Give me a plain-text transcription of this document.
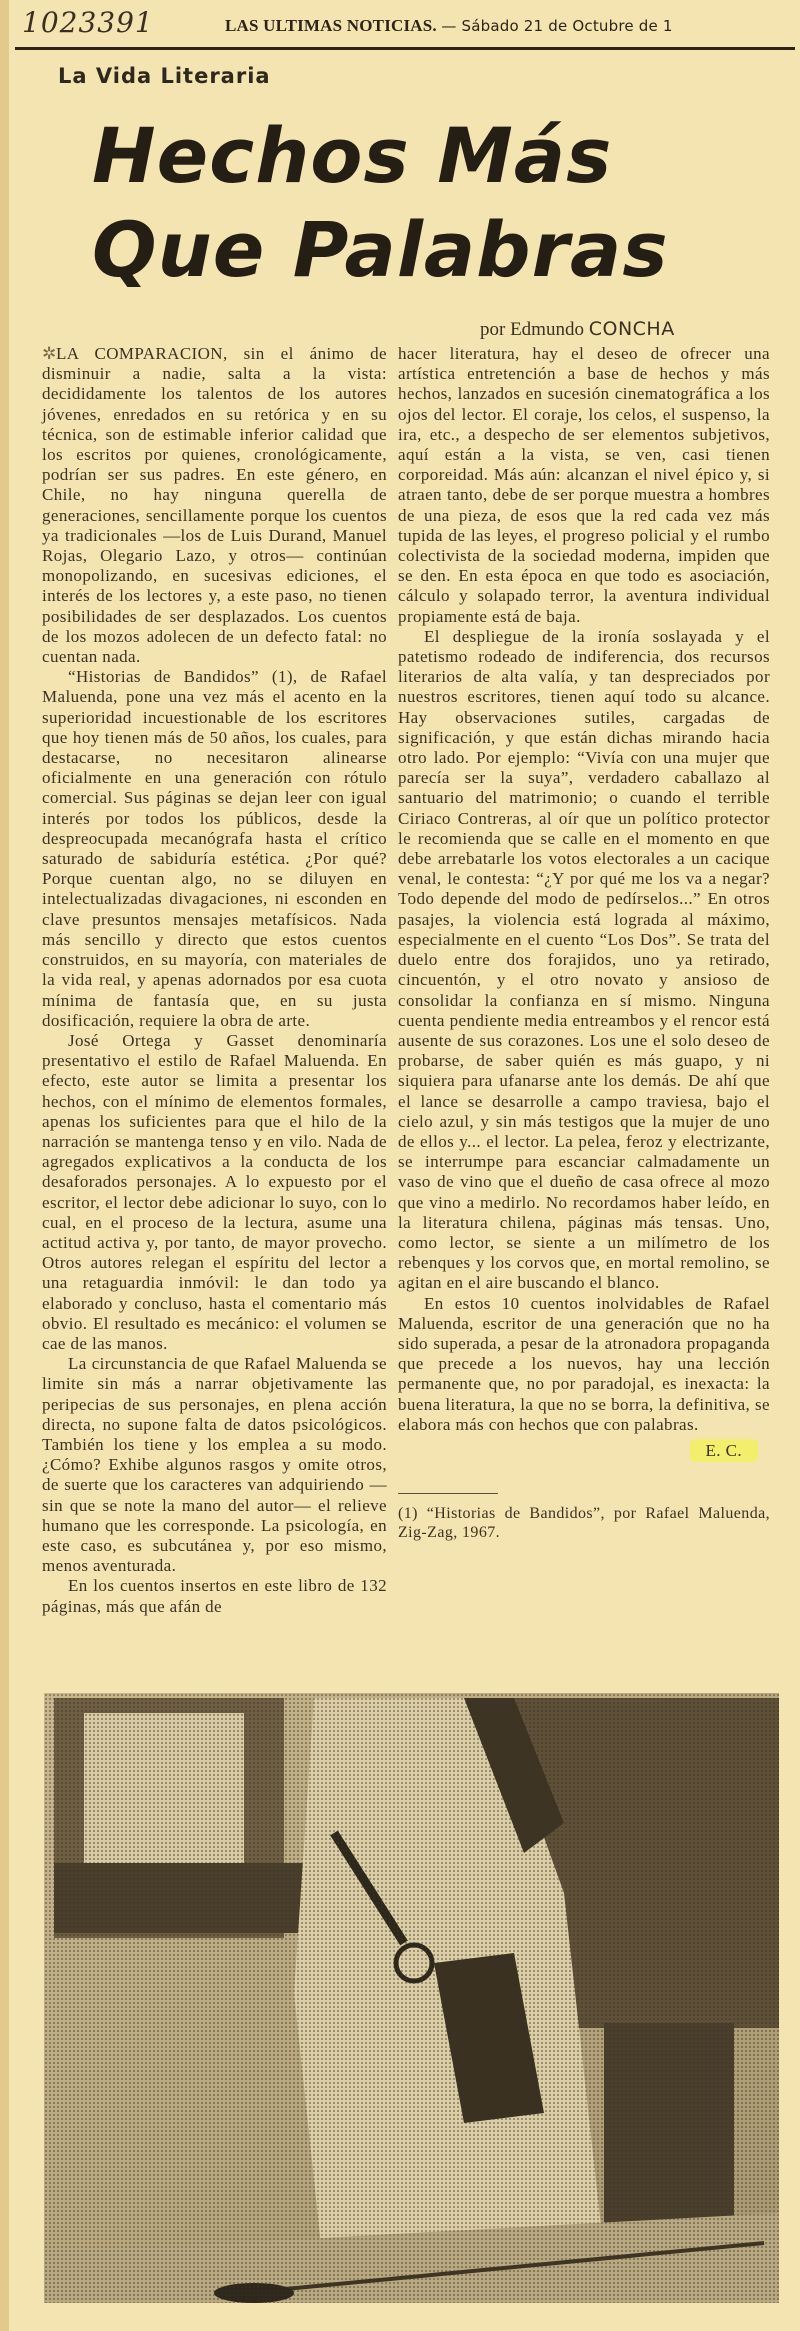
1023391	LAS ULTIMAS NOTICIAS. — Sábado 21 de Octubre de 1
La Vida Literaria
Hechos Más
Que Palabras
por Edmundo CONCHA

✲LA COMPARACION, sin el ánimo de disminuir a nadie, salta a la vista: decididamente los talentos de los autores jóvenes, enredados en su retórica y en su técnica, son de estimable inferior calidad que los escritos por quienes, cronológicamente, podrían ser sus padres. En este género, en Chile, no hay ninguna querella de generaciones, sencillamente porque los cuentos ya tradicionales —los de Luis Durand, Manuel Rojas, Olegario Lazo, y otros— continúan monopolizando, en sucesivas ediciones, el interés de los lectores y, a este paso, no tienen posibilidades de ser desplazados. Los cuentos de los mozos adolecen de un defecto fatal: no cuentan nada.

“Historias de Bandidos” (1), de Rafael Maluenda, pone una vez más el acento en la superioridad incuestionable de los escritores que hoy tienen más de 50 años, los cuales, para destacarse, no necesitaron alinearse oficialmente en una generación con rótulo comercial. Sus páginas se dejan leer con igual interés por todos los públicos, desde la despreocupada mecanógrafa hasta el crítico saturado de sabiduría estética. ¿Por qué? Porque cuentan algo, no se diluyen en intelectualizadas divagaciones, ni esconden en clave presuntos mensajes metafísicos. Nada más sencillo y directo que estos cuentos construidos, en su mayoría, con materiales de la vida real, y apenas adornados por esa cuota mínima de fantasía que, en su justa dosificación, requiere la obra de arte.

José Ortega y Gasset denominaría presentativo el estilo de Rafael Maluenda. En efecto, este autor se limita a presentar los hechos, con el mínimo de elementos formales, apenas los suficientes para que el hilo de la narración se mantenga tenso y en vilo. Nada de agregados explicativos a la conducta de los desaforados personajes. A lo expuesto por el escritor, el lector debe adicionar lo suyo, con lo cual, en el proceso de la lectura, asume una actitud activa y, por tanto, de mayor provecho. Otros autores relegan el espíritu del lector a una retaguardia inmóvil: le dan todo ya elaborado y concluso, hasta el comentario más obvio. El resultado es mecánico: el volumen se cae de las manos.

La circunstancia de que Rafael Maluenda se limite sin más a narrar objetivamente las peripecias de sus personajes, en plena acción directa, no supone falta de datos psicológicos. También los tiene y los emplea a su modo. ¿Cómo? Exhibe algunos rasgos y omite otros, de suerte que los caracteres van adquiriendo —sin que se note la mano del autor— el relieve humano que les corresponde. La psicología, en este caso, es subcutánea y, por eso mismo, menos aventurada.

En los cuentos insertos en este libro de 132 páginas, más que afán de

hacer literatura, hay el deseo de ofrecer una artística entretención a base de hechos y más hechos, lanzados en sucesión cinematográfica a los ojos del lector. El coraje, los celos, el suspenso, la ira, etc., a despecho de ser elementos subjetivos, aquí están a la vista, se ven, casi tienen corporeidad. Más aún: alcanzan el nivel épico y, si atraen tanto, debe de ser porque muestra a hombres de una pieza, de esos que la red cada vez más tupida de las leyes, el progreso policial y el rumbo colectivista de la sociedad moderna, impiden que se den. En esta época en que todo es asociación, cálculo y solapado terror, la aventura individual propiamente está de baja.

El despliegue de la ironía soslayada y el patetismo rodeado de indiferencia, dos recursos literarios de alta valía, y tan despreciados por nuestros escritores, tienen aquí todo su alcance. Hay observaciones sutiles, cargadas de significación, y que están dichas mirando hacia otro lado. Por ejemplo: “Vivía con una mujer que parecía ser la suya”, verdadero caballazo al santuario del matrimonio; o cuando el terrible Ciriaco Contreras, al oír que un político protector le recomienda que se calle en el momento en que debe arrebatarle los votos electorales a un cacique venal, le contesta: “¿Y por qué me los va a negar? Todo depende del modo de pedírselos...” En otros pasajes, la violencia está lograda al máximo, especialmente en el cuento “Los Dos”. Se trata del duelo entre dos forajidos, uno ya retirado, cincuentón, y el otro novato y ansioso de consolidar la confianza en sí mismo. Ninguna cuenta pendiente media entreambos y el rencor está ausente de sus corazones. Los une el solo deseo de probarse, de saber quién es más guapo, y ni siquiera para ufanarse ante los demás. De ahí que el lance se desarrolle a campo traviesa, bajo el cielo azul, y sin más testigos que la mujer de uno de ellos y... el lector. La pelea, feroz y electrizante, se interrumpe para escanciar calmadamente un vaso de vino que el dueño de casa ofrece al mozo que vino a medirlo. No recordamos haber leído, en la literatura chilena, páginas más tensas. Uno, como lector, se siente a un milímetro de los rebenques y los corvos que, en mortal remolino, se agitan en el aire buscando el blanco.

En estos 10 cuentos inolvidables de Rafael Maluenda, escritor de una generación que no ha sido superada, a pesar de la atronadora propaganda que precede a los nuevos, hay una lección permanente que, no por paradojal, es inexacta: la buena literatura, la que no se borra, la definitiva, se elabora más con hechos que con palabras.

E. C.

(1) “Historias de Bandidos”, por Rafael Maluenda, Zig-Zag, 1967.
